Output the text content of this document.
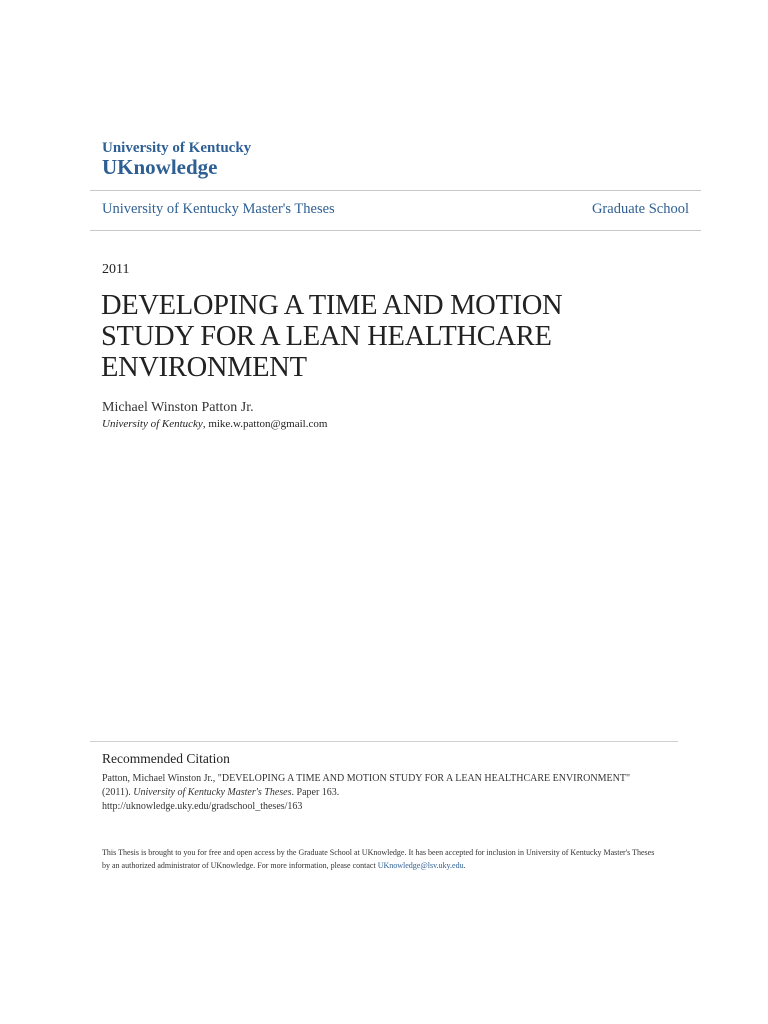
University of Kentucky
UKnowledge
University of Kentucky Master's Theses	Graduate School
2011
DEVELOPING A TIME AND MOTION STUDY FOR A LEAN HEALTHCARE ENVIRONMENT
Michael Winston Patton Jr.
University of Kentucky, mike.w.patton@gmail.com
Recommended Citation
Patton, Michael Winston Jr., "DEVELOPING A TIME AND MOTION STUDY FOR A LEAN HEALTHCARE ENVIRONMENT"
(2011). University of Kentucky Master's Theses. Paper 163.
http://uknowledge.uky.edu/gradschool_theses/163
This Thesis is brought to you for free and open access by the Graduate School at UKnowledge. It has been accepted for inclusion in University of Kentucky Master's Theses by an authorized administrator of UKnowledge. For more information, please contact UKnowledge@lsv.uky.edu.
